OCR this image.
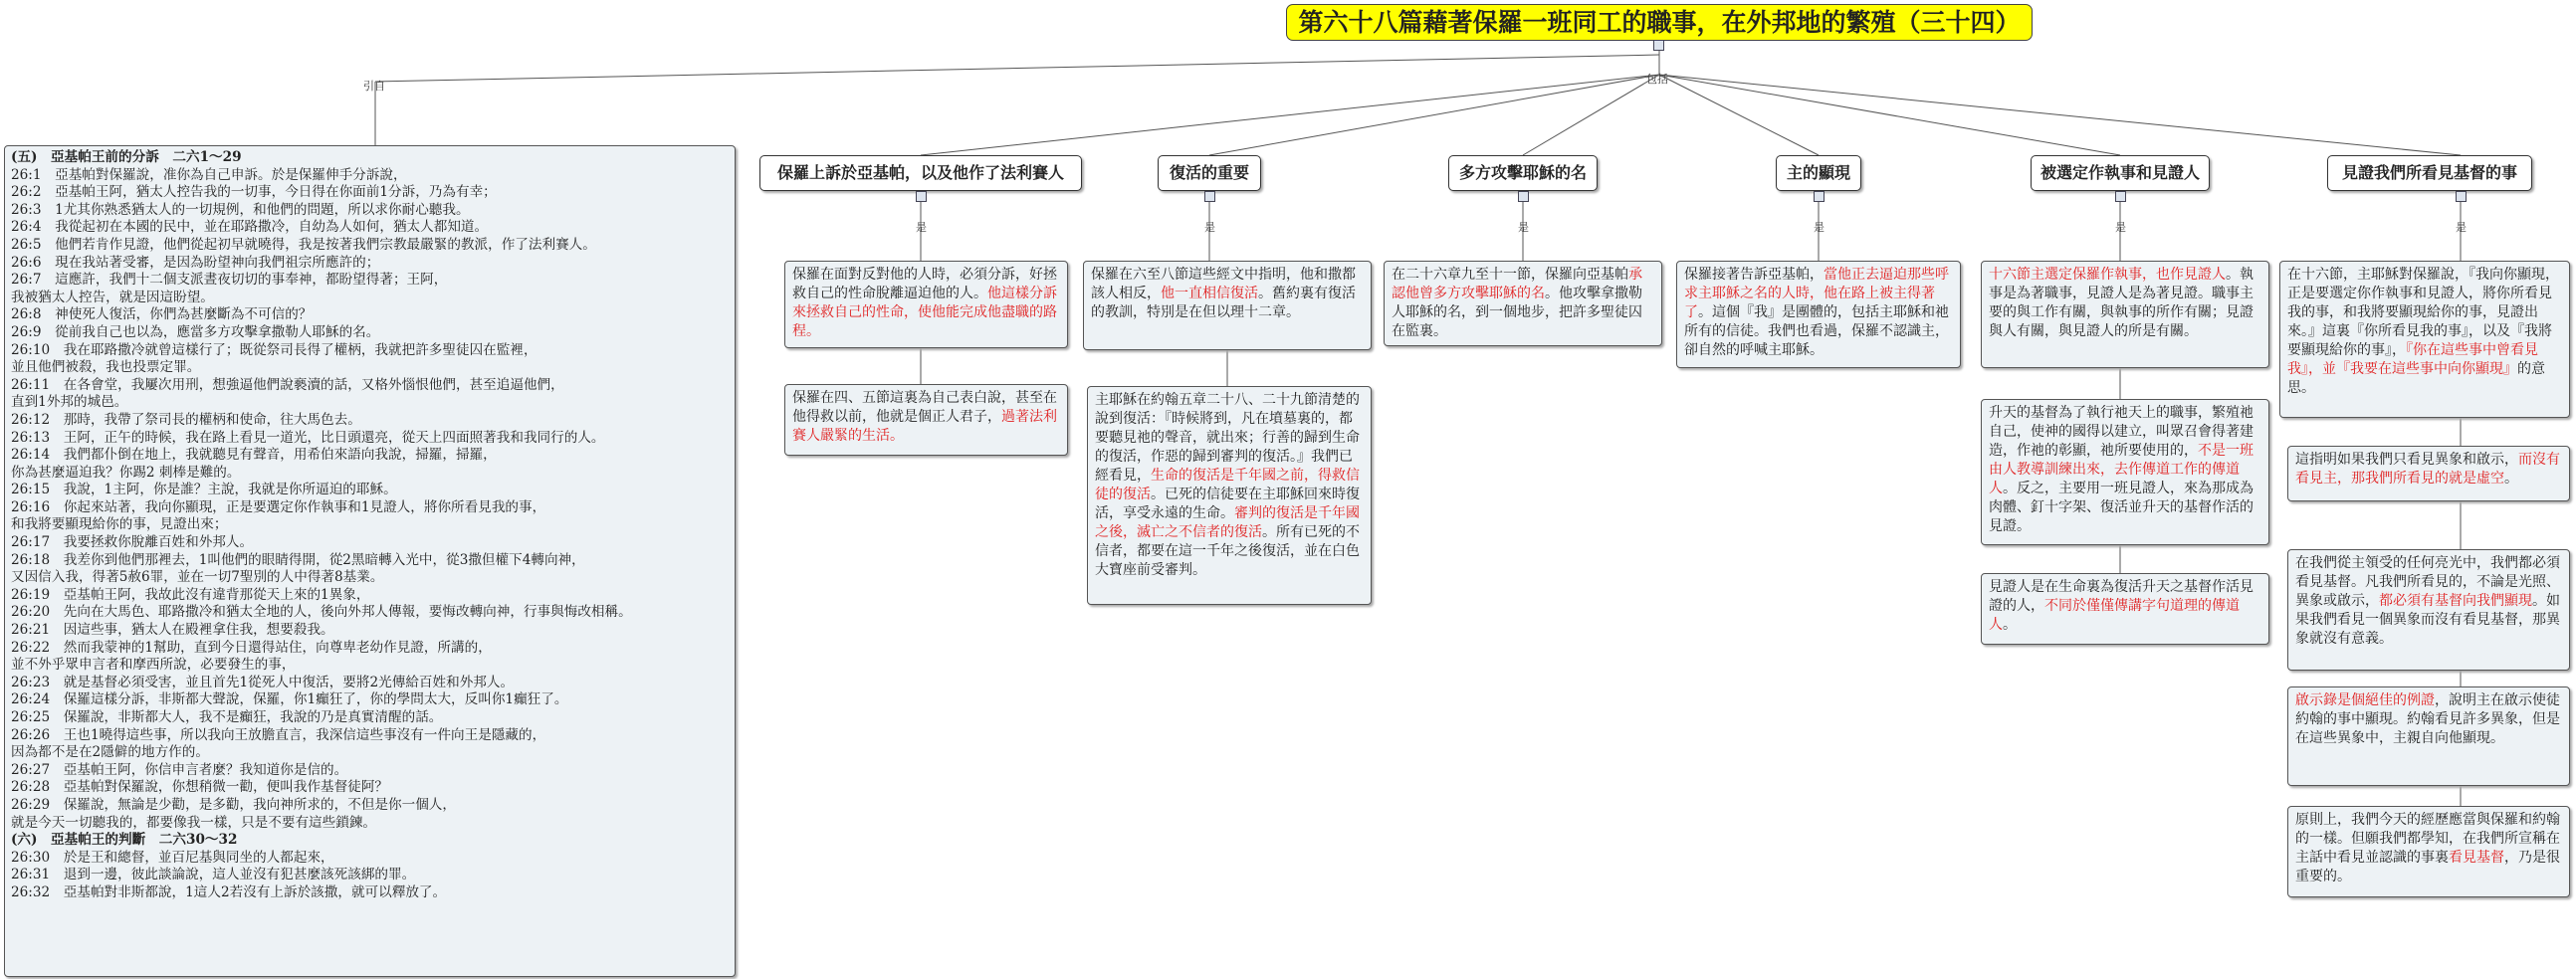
第六十八篇藉著保羅一班同工的職事，在外邦地的繁殖（三十四）
包括
引自
(五)　亞基帕王前的分訴　二六1～29
26:1　亞基帕對保羅說，准你為自己申訴。於是保羅伸手分訴說，
26:2　亞基帕王阿，猶太人控告我的一切事，今日得在你面前1分訴，乃為有幸；
26:3　1尤其你熟悉猶太人的一切規例，和他們的問題，所以求你耐心聽我。
26:4　我從起初在本國的民中，並在耶路撒冷，自幼為人如何，猶太人都知道。
26:5　他們若肯作見證，他們從起初早就曉得，我是按著我們宗教最嚴緊的教派，作了法利賽人。
26:6　現在我站著受審，是因為盼望神向我們祖宗所應許的；
26:7　這應許，我們十二個支派晝夜切切的事奉神，都盼望得著；王阿，
我被猶太人控告，就是因這盼望。
26:8　神使死人復活，你們為甚麼斷為不可信的？
26:9　從前我自己也以為，應當多方攻擊拿撒勒人耶穌的名。
26:10　我在耶路撒冷就曾這樣行了；既從祭司長得了權柄，我就把許多聖徒囚在監裡，
並且他們被殺，我也投票定罪。
26:11　在各會堂，我屢次用刑，想強逼他們說褻瀆的話，又格外惱恨他們，甚至追逼他們，
直到1外邦的城邑。
26:12　那時，我帶了祭司長的權柄和使命，往大馬色去。
26:13　王阿，正午的時候，我在路上看見一道光，比日頭還亮，從天上四面照著我和我同行的人。
26:14　我們都仆倒在地上，我就聽見有聲音，用希伯來語向我說，掃羅，掃羅，
你為甚麼逼迫我？你踢2 刺棒是難的。
26:15　我說，1主阿，你是誰？主說，我就是你所逼迫的耶穌。
26:16　你起來站著，我向你顯現，正是要選定你作執事和1見證人，將你所看見我的事，
和我將要顯現給你的事，見證出來；
26:17　我要拯救你脫離百姓和外邦人。
26:18　我差你到他們那裡去，1叫他們的眼睛得開，從2黑暗轉入光中，從3撒但權下4轉向神，
又因信入我，得著5赦6罪，並在一切7聖別的人中得著8基業。
26:19　亞基帕王阿，我故此沒有違背那從天上來的1異象，
26:20　先向在大馬色、耶路撒冷和猶太全地的人，後向外邦人傳報，要悔改轉向神，行事與悔改相稱。
26:21　因這些事，猶太人在殿裡拿住我，想要殺我。
26:22　然而我蒙神的1幫助，直到今日還得站住，向尊卑老幼作見證，所講的，
並不外乎眾申言者和摩西所說，必要發生的事，
26:23　就是基督必須受害，並且首先1從死人中復活，要將2光傳給百姓和外邦人。
26:24　保羅這樣分訴，非斯都大聲說，保羅，你1癲狂了，你的學問太大，反叫你1癲狂了。
26:25　保羅說，非斯都大人，我不是癲狂，我說的乃是真實清醒的話。
26:26　王也1曉得這些事，所以我向王放膽直言，我深信這些事沒有一件向王是隱藏的，
因為都不是在2隱僻的地方作的。
26:27　亞基帕王阿，你信申言者麼？我知道你是信的。
26:28　亞基帕對保羅說，你想稍微一勸，便叫我作基督徒阿？
26:29　保羅說，無論是少勸，是多勸，我向神所求的，不但是你一個人，
就是今天一切聽我的，都要像我一樣，只是不要有這些鎖鍊。
(六)　亞基帕王的判斷　二六30～32
26:30　於是王和總督，並百尼基與同坐的人都起來，
26:31　退到一邊，彼此談論說，這人並沒有犯甚麼該死該綁的罪。
26:32　亞基帕對非斯都說，1這人2若沒有上訴於該撒，就可以釋放了。
保羅上訴於亞基帕，以及他作了法利賽人
是
保羅在面對反對他的人時，必須分訴，好拯救自己的性命脫離逼迫他的人。他這樣分訴來拯救自己的性命，使他能完成他盡職的路程。
保羅在四、五節這裏為自己表白說，甚至在他得救以前，他就是個正人君子，過著法利賽人嚴緊的生活。
復活的重要
是
保羅在六至八節這些經文中指明，他和撒都該人相反，他一直相信復活。舊約裏有復活的教訓，特別是在但以理十二章。
主耶穌在約翰五章二十八、二十九節清楚的說到復活：『時候將到，凡在墳墓裏的，都要聽見祂的聲音，就出來；行善的歸到生命的復活，作惡的歸到審判的復活。』我們已經看見，生命的復活是千年國之前，得救信徒的復活。已死的信徒要在主耶穌回來時復活，享受永遠的生命。審判的復活是千年國之後，滅亡之不信者的復活。所有已死的不信者，都要在這一千年之後復活，並在白色大寶座前受審判。
多方攻擊耶穌的名
是
在二十六章九至十一節，保羅向亞基帕承認他曾多方攻擊耶穌的名。他攻擊拿撒勒人耶穌的名，到一個地步，把許多聖徒囚在監裏。
主的顯現
是
保羅接著告訴亞基帕，當他正去逼迫那些呼求主耶穌之名的人時，他在路上被主得著了。這個『我』是團體的，包括主耶穌和祂所有的信徒。我們也看過，保羅不認識主，卻自然的呼喊主耶穌。
被選定作執事和見證人
是
十六節主選定保羅作執事，也作見證人。執事是為著職事，見證人是為著見證。職事主要的與工作有關，與執事的所作有關；見證與人有關，與見證人的所是有關。
升天的基督為了執行祂天上的職事，繁殖祂自己，使神的國得以建立，叫眾召會得著建造，作祂的彰顯，祂所要使用的，不是一班由人教導訓練出來，去作傳道工作的傳道人。反之，主要用一班見證人，來為那成為肉體、釘十字架、復活並升天的基督作活的見證。
見證人是在生命裏為復活升天之基督作活見證的人，不同於僅僅傳講字句道理的傳道人。
見證我們所看見基督的事
是
在十六節，主耶穌對保羅說，『我向你顯現，正是要選定你作執事和見證人，將你所看見我的事，和我將要顯現給你的事，見證出來。』這裏『你所看見我的事』，以及『我將要顯現給你的事』，『你在這些事中曾看見我』，並『我要在這些事中向你顯現』的意思。
這指明如果我們只看見異象和啟示，而沒有看見主，那我們所看見的就是虛空。
在我們從主領受的任何亮光中，我們都必須看見基督。凡我們所看見的，不論是光照、異象或啟示，都必須有基督向我們顯現。如果我們看見一個異象而沒有看見基督，那異象就沒有意義。
啟示錄是個絕佳的例證，說明主在啟示使徒約翰的事中顯現。約翰看見許多異象，但是在這些異象中，主親自向他顯現。
原則上，我們今天的經歷應當與保羅和約翰的一樣。但願我們都學知，在我們所宣稱在主話中看見並認識的事裏看見基督，乃是很重要的。
